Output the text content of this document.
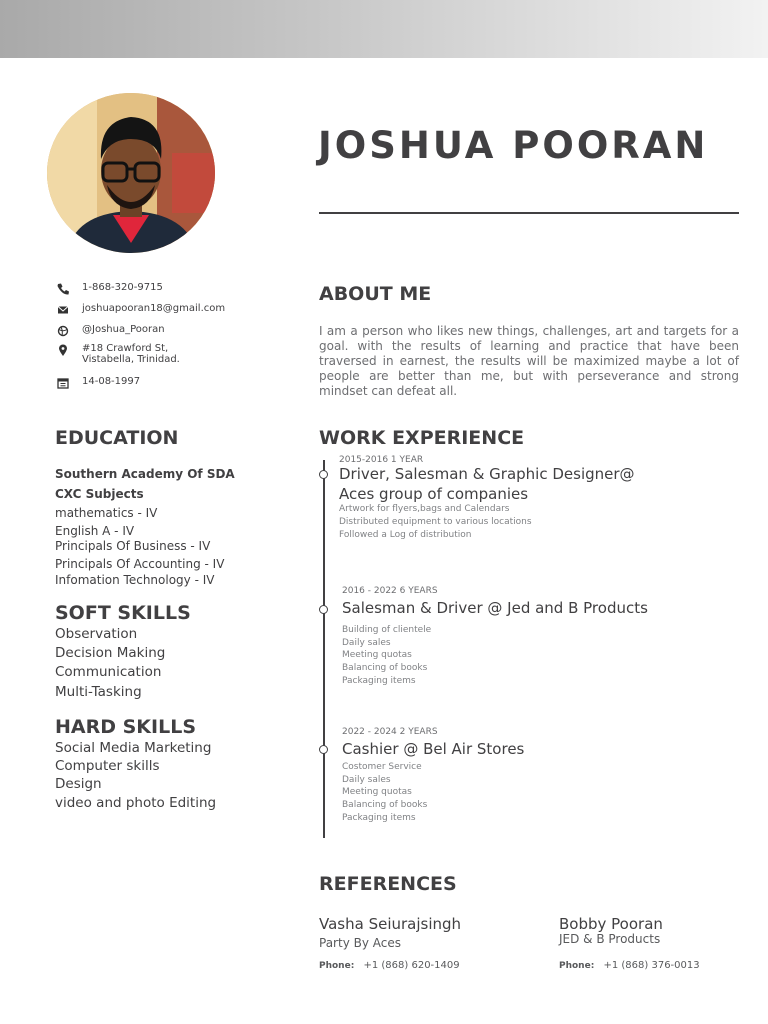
JOSHUA POORAN
1-868-320-9715
joshuapooran18@gmail.com
@Joshua_Pooran
#18 Crawford St,
Vistabella, Trinidad.
14-08-1997
ABOUT ME
I am a person who likes new things, challenges, art and targets for a goal. with the results of learning and practice that have been traversed in earnest, the results will be maximized maybe a lot of people are better than me, but with perseverance and strong mindset can defeat all.
EDUCATION
Southern Academy Of SDA
CXC Subjects
mathematics - IV
English A - IV
Principals Of Business - IV
Principals Of Accounting - IV
Infomation Technology - IV
SOFT SKILLS
Observation
Decision Making
Communication
Multi-Tasking
HARD SKILLS
Social Media Marketing
Computer skills
Design
video and photo Editing
WORK EXPERIENCE
2015-2016 1 YEAR
Driver, Salesman & Graphic Designer@
Aces group of companies
Artwork for flyers,bags and Calendars
Distributed equipment to various locations
Followed a Log of distribution
2016 - 2022 6 YEARS
Salesman & Driver @ Jed and B Products
Building of clientele
Daily sales
Meeting quotas
Balancing of books
Packaging items
2022 - 2024 2 YEARS
Cashier @ Bel Air Stores
Costomer Service
Daily sales
Meeting quotas
Balancing of books
Packaging items
REFERENCES
Vasha Seiurajsingh
Party By Aces
Phone: +1 (868) 620-1409
Bobby Pooran
JED & B Products
Phone: +1 (868) 376-0013
